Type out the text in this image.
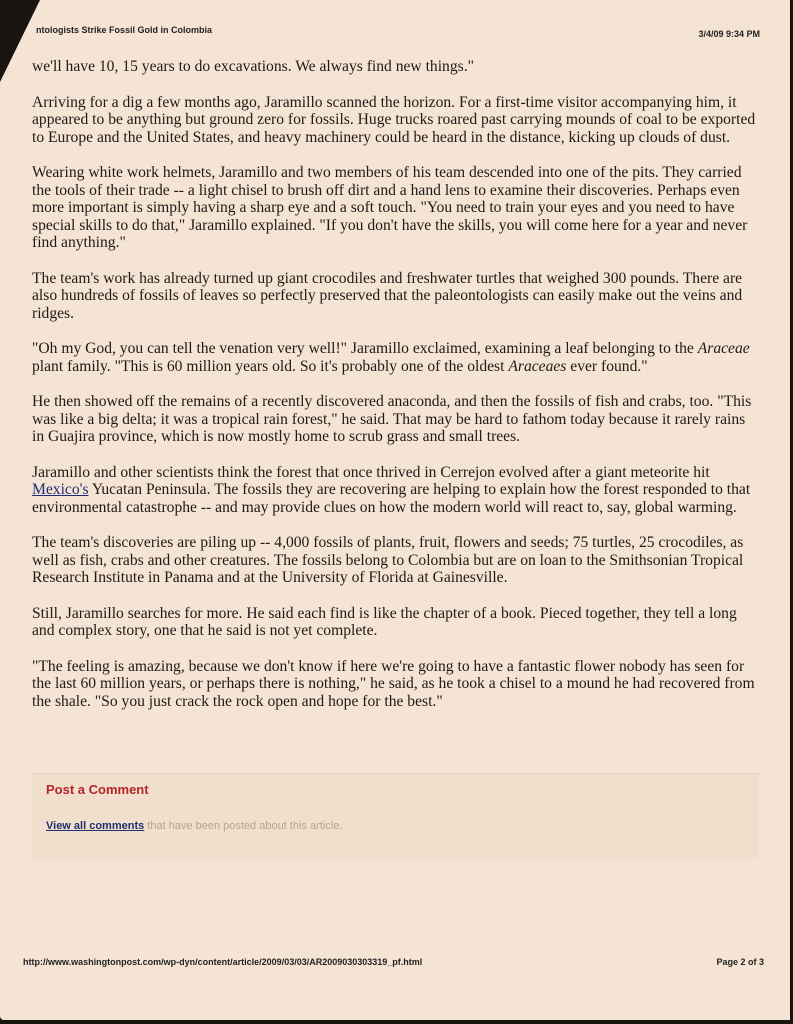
ntologists Strike Fossil Gold in Colombia	3/4/09 9:34 PM

we'll have 10, 15 years to do excavations. We always find new things."

Arriving for a dig a few months ago, Jaramillo scanned the horizon. For a first-time visitor accompanying him, it appeared to be anything but ground zero for fossils. Huge trucks roared past carrying mounds of coal to be exported to Europe and the United States, and heavy machinery could be heard in the distance, kicking up clouds of dust.

Wearing white work helmets, Jaramillo and two members of his team descended into one of the pits. They carried the tools of their trade -- a light chisel to brush off dirt and a hand lens to examine their discoveries. Perhaps even more important is simply having a sharp eye and a soft touch. "You need to train your eyes and you need to have special skills to do that," Jaramillo explained. "If you don't have the skills, you will come here for a year and never find anything."

The team's work has already turned up giant crocodiles and freshwater turtles that weighed 300 pounds. There are also hundreds of fossils of leaves so perfectly preserved that the paleontologists can easily make out the veins and ridges.

"Oh my God, you can tell the venation very well!" Jaramillo exclaimed, examining a leaf belonging to the Araceae plant family. "This is 60 million years old. So it's probably one of the oldest Araceaes ever found."

He then showed off the remains of a recently discovered anaconda, and then the fossils of fish and crabs, too. "This was like a big delta; it was a tropical rain forest," he said. That may be hard to fathom today because it rarely rains in Guajira province, which is now mostly home to scrub grass and small trees.

Jaramillo and other scientists think the forest that once thrived in Cerrejon evolved after a giant meteorite hit Mexico's Yucatan Peninsula. The fossils they are recovering are helping to explain how the forest responded to that environmental catastrophe -- and may provide clues on how the modern world will react to, say, global warming.

The team's discoveries are piling up -- 4,000 fossils of plants, fruit, flowers and seeds; 75 turtles, 25 crocodiles, as well as fish, crabs and other creatures. The fossils belong to Colombia but are on loan to the Smithsonian Tropical Research Institute in Panama and at the University of Florida at Gainesville.

Still, Jaramillo searches for more. He said each find is like the chapter of a book. Pieced together, they tell a long and complex story, one that he said is not yet complete.

"The feeling is amazing, because we don't know if here we're going to have a fantastic flower nobody has seen for the last 60 million years, or perhaps there is nothing," he said, as he took a chisel to a mound he had recovered from the shale. "So you just crack the rock open and hope for the best."

Post a Comment
View all comments that have been posted about this article.
http://www.washingtonpost.com/wp-dyn/content/article/2009/03/03/AR2009030303319_pf.html	Page 2 of 3
